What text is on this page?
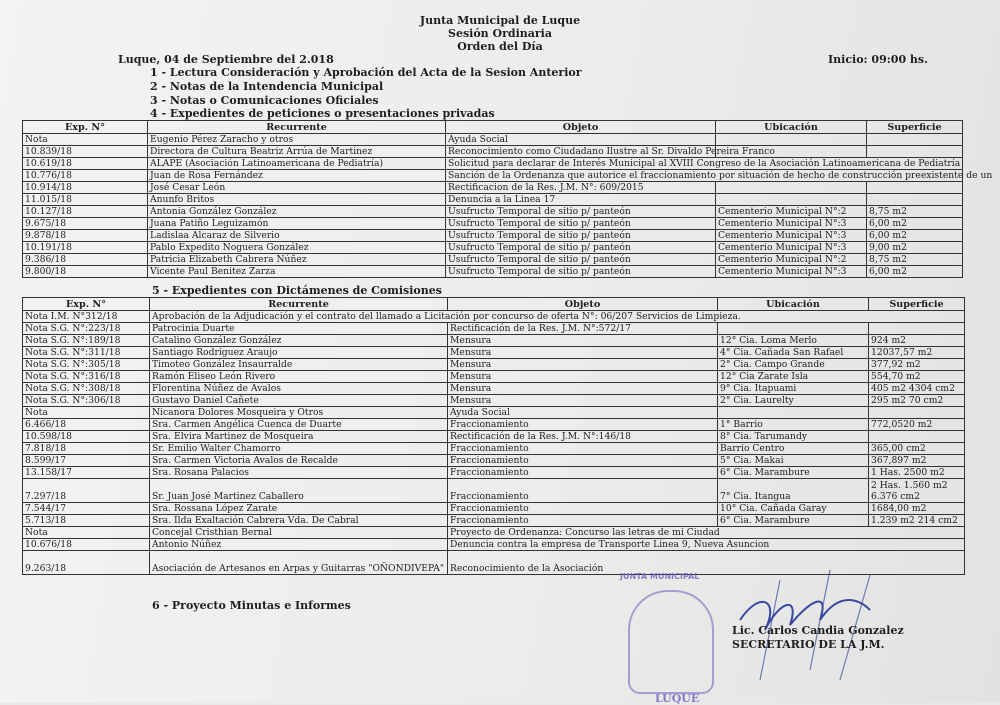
Junta Municipal de Luque
Sesión Ordinaria
Orden del Día
Luque, 04 de Septiembre del 2.018	Inicio: 09:00 hs.
1 - Lectura Consideración y Aprobación del Acta de la Sesion Anterior
2 - Notas de la Intendencia Municipal
3 - Notas o Comunicaciones Oficiales
4 - Expedientes de peticiones o presentaciones privadas
Exp. N°	Recurrente	Objeto	Ubicación	Superficie
Nota	Eugenio Pérez Zaracho y otros	Ayuda Social		
10.839/18	Directora de Cultura Beatriz Arrúa de Martinez	Reconocimiento como Ciudadano Ilustre al Sr. Divaldo Pereira Franco		
10.619/18	ALAPE (Asociación Latinoamericana de Pediatría)	Solicitud para declarar de Interés Municipal al XVIII Congreso de la Asociación Latinoamericana de Pediatría		
10.776/18	Juan de Rosa Fernández	Sanción de la Ordenanza que autorice el fraccionamiento por situación de hecho de construcción preexistente de un		
10.914/18	José Cesar León	Rectificacion de la Res. J.M. N°: 609/2015		
11.015/18	Anunfo Britos	Denuncia a la Linea 17		
10.127/18	Antonia González González	Usufructo Temporal de sitio p/ panteón	Cementerio Municipal N°:2	8,75 m2
9.675/18	Juana Patiño Leguizamón	Usufructo Temporal de sitio p/ panteón	Cementerio Municipal N°:3	6,00 m2
9.878/18	Ladislaa Alcaraz de Silverio	Usufructo Temporal de sitio p/ panteón	Cementerio Municipal N°:3	6,00 m2
10.191/18	Pablo Expedito Noguera González	Usufructo Temporal de sitio p/ panteón	Cementerio Municipal N°:3	9,00 m2
9.386/18	Patricia Elizabeth Cabrera Núñez	Usufructo Temporal de sitio p/ panteón	Cementerio Municipal N°:2	8,75 m2
9.800/18	Vicente Paul Benitez Zarza	Usufructo Temporal de sitio p/ panteón	Cementerio Municipal N°:3	6,00 m2
5 - Expedientes con Dictámenes de Comisiones
Exp. N°	Recurrente	Objeto	Ubicación	Superficie
Nota I.M. N°312/18	Aprobación de la Adjudicación y el contrato del llamado a Licitación por concurso de oferta N°: 06/207 Servicios de Limpieza.			
Nota S.G. N°:223/18	Patrocinia Duarte	Rectificación de la Res. J.M. N°:572/17		
Nota S.G. N°:189/18	Catalino González González	Mensura	12° Cia. Loma Merlo	924 m2
Nota S.G. N°:311/18	Santiago Rodriguez Araujo	Mensura	4° Cia. Cañada San Rafael	12037,57 m2
Nota S.G. N°:305/18	Timoteo González Insaurralde	Mensura	2° Cia. Campo Grande	377,92 m2
Nota S.G. N°:316/18	Ramón Eliseo León Rivero	Mensura	12° Cia Zarate Isla	554,70 m2
Nota S.G. N°:308/18	Florentina Núñez de Avalos	Mensura	9° Cia. Itapuami	405 m2 4304 cm2
Nota S.G. N°:306/18	Gustavo Daniel Cañete	Mensura	2° Cia. Laurelty	295 m2 70 cm2
Nota	Nicanora Dolores Mosqueira y Otros	Ayuda Social		
6.466/18	Sra. Carmen Angélica Cuenca de Duarte	Fraccionamiento	1° Barrio	772,0520 m2
10.598/18	Sra. Elvira Martinez de Mosqueira	Rectificación de la Res. J.M. N°:146/18	8° Cia. Tarumandy	
7.818/18	Sr. Emilio Walter Chamorro	Fraccionamiento	Barrio Centro	365,00 cm2
8.599/17	Sra. Carmen Victoria Avalos de Recalde	Fraccionamiento	5° Cia. Makai	367,897 m2
13.158/17	Sra. Rosana Palacios	Fraccionamiento	6° Cia. Marambure	1 Has. 2500 m2
7.297/18	Sr. Juan José Martinez Caballero	Fraccionamiento	7° Cia. Itangua	2 Has. 1.560 m2 6.376 cm2
7.544/17	Sra. Rossana López Zarate	Fraccionamiento	10° Cia. Cañada Garay	1684,00 m2
5.713/18	Sra. Ilda Exaltación Cabrera Vda. De Cabral	Fraccionamiento	6° Cia. Marambure	1.239 m2 214 cm2
Nota	Concejal Cristhian Bernal	Proyecto de Ordenanza: Concurso las letras de mi Ciudad		
10.676/18	Antonio Núñez	Denuncia contra la empresa de Transporte Linea 9, Nueva Asuncion		
9.263/18	Asociación de Artesanos en Arpas y Guitarras "OÑONDIVEPA"	Reconocimiento de la Asociación		
6 - Proyecto Minutas e Informes
JUNTA MUNICIPAL
LUQUE
Lic. Carlos Candia Gonzalez
SECRETARIO DE LA J.M.
